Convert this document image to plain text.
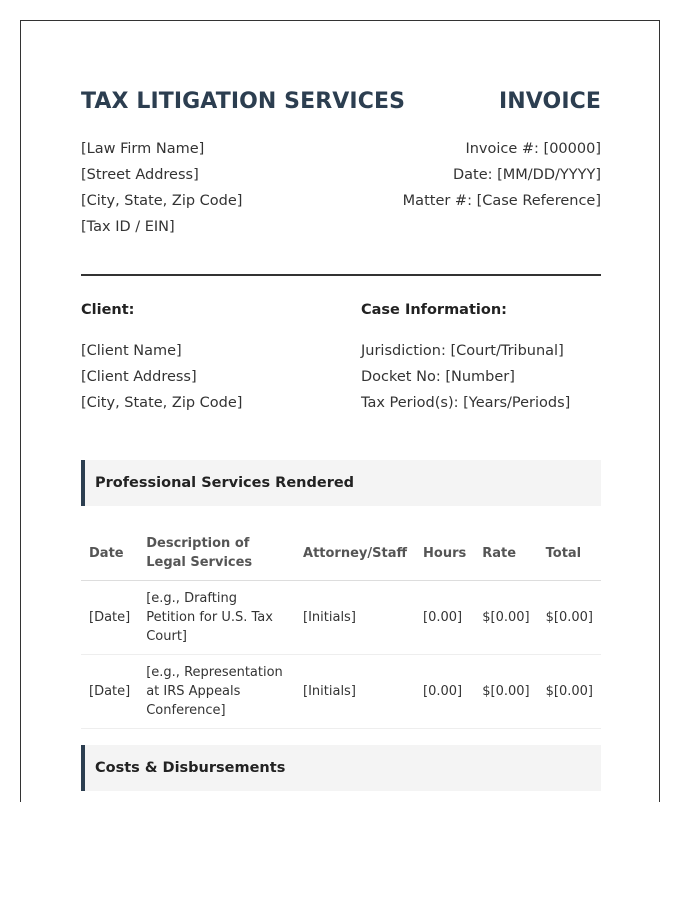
TAX LITIGATION SERVICES	INVOICE
[Law Firm Name]
[Street Address]
[City, State, Zip Code]
[Tax ID / EIN]
Invoice #: [00000]
Date: [MM/DD/YYYY]
Matter #: [Case Reference]
Client:	Case Information:
[Client Name]
[Client Address]
[City, State, Zip Code]
Jurisdiction: [Court/Tribunal]
Docket No: [Number]
Tax Period(s): [Years/Periods]
Professional Services Rendered
Date	Description of Legal Services	Attorney/Staff	Hours	Rate	Total
[Date]	[e.g., Drafting Petition for U.S. Tax Court]	[Initials]	[0.00]	$[0.00]	$[0.00]
[Date]	[e.g., Representation at IRS Appeals Conference]	[Initials]	[0.00]	$[0.00]	$[0.00]
Costs & Disbursements
